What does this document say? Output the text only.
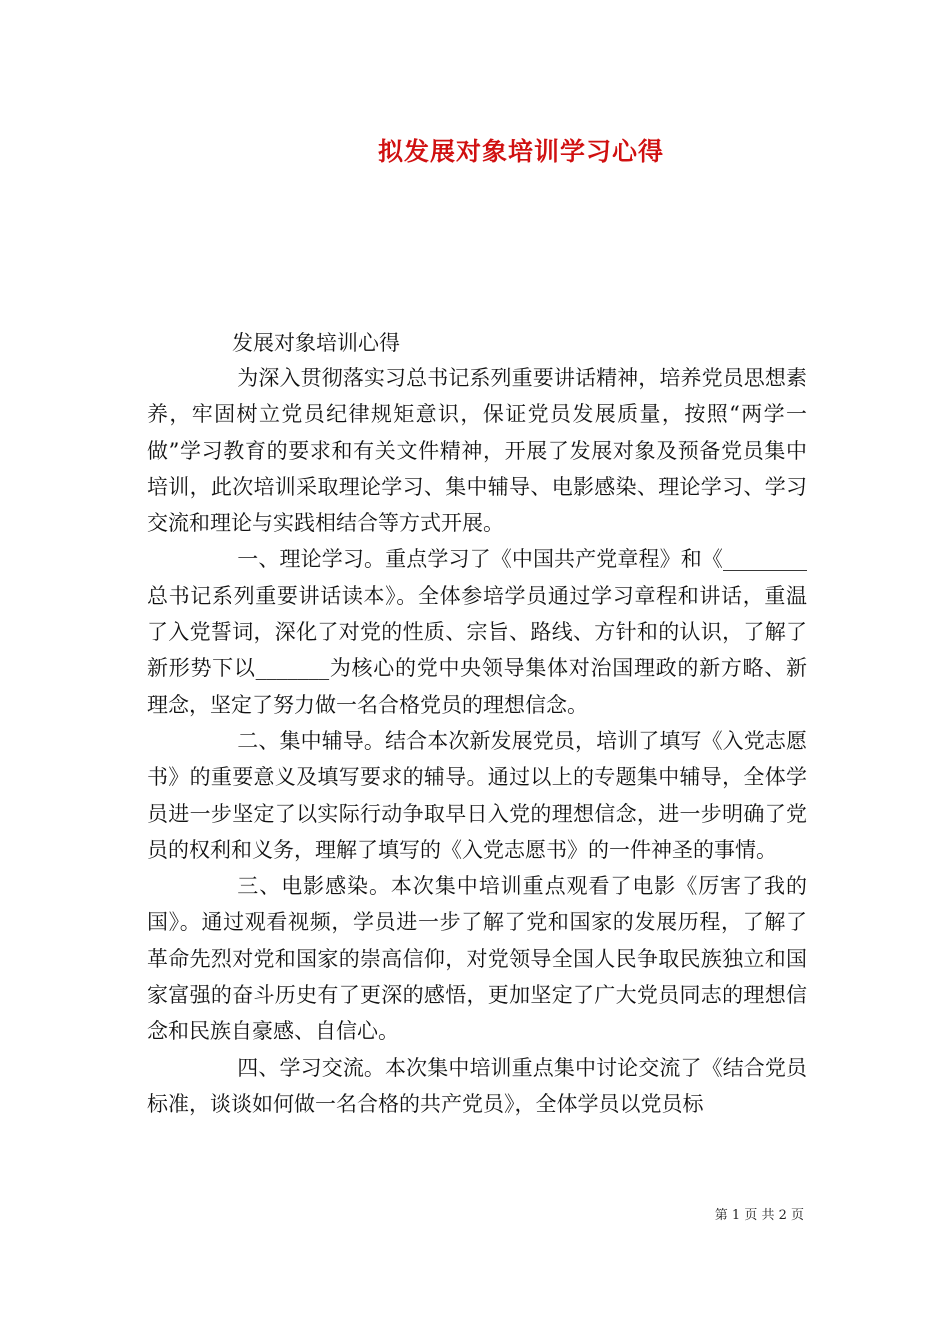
拟发展对象培训学习心得
发展对象培训心得

为深入贯彻落实习总书记系列重要讲话精神，培养党员思想素养，牢固树立党员纪律规矩意识，保证党员发展质量，按照“两学一做”学习教育的要求和有关文件精神，开展了发展对象及预备党员集中培训，此次培训采取理论学习、集中辅导、电影感染、理论学习、学习交流和理论与实践相结合等方式开展。

一、理论学习。重点学习了《中国共产党章程》和《________总书记系列重要讲话读本》。全体参培学员通过学习章程和讲话，重温了入党誓词，深化了对党的性质、宗旨、路线、方针和的认识，了解了新形势下以_______为核心的党中央领导集体对治国理政的新方略、新理念，坚定了努力做一名合格党员的理想信念。

二、集中辅导。结合本次新发展党员，培训了填写《入党志愿书》的重要意义及填写要求的辅导。通过以上的专题集中辅导，全体学员进一步坚定了以实际行动争取早日入党的理想信念，进一步明确了党员的权利和义务，理解了填写的《入党志愿书》的一件神圣的事情。

三、电影感染。本次集中培训重点观看了电影《厉害了我的国》。通过观看视频，学员进一步了解了党和国家的发展历程，了解了革命先烈对党和国家的崇高信仰，对党领导全国人民争取民族独立和国家富强的奋斗历史有了更深的感悟，更加坚定了广大党员同志的理想信念和民族自豪感、自信心。

四、学习交流。本次集中培训重点集中讨论交流了《结合党员标准，谈谈如何做一名合格的共产党员》，全体学员以党员标

第 1 页 共 2 页
